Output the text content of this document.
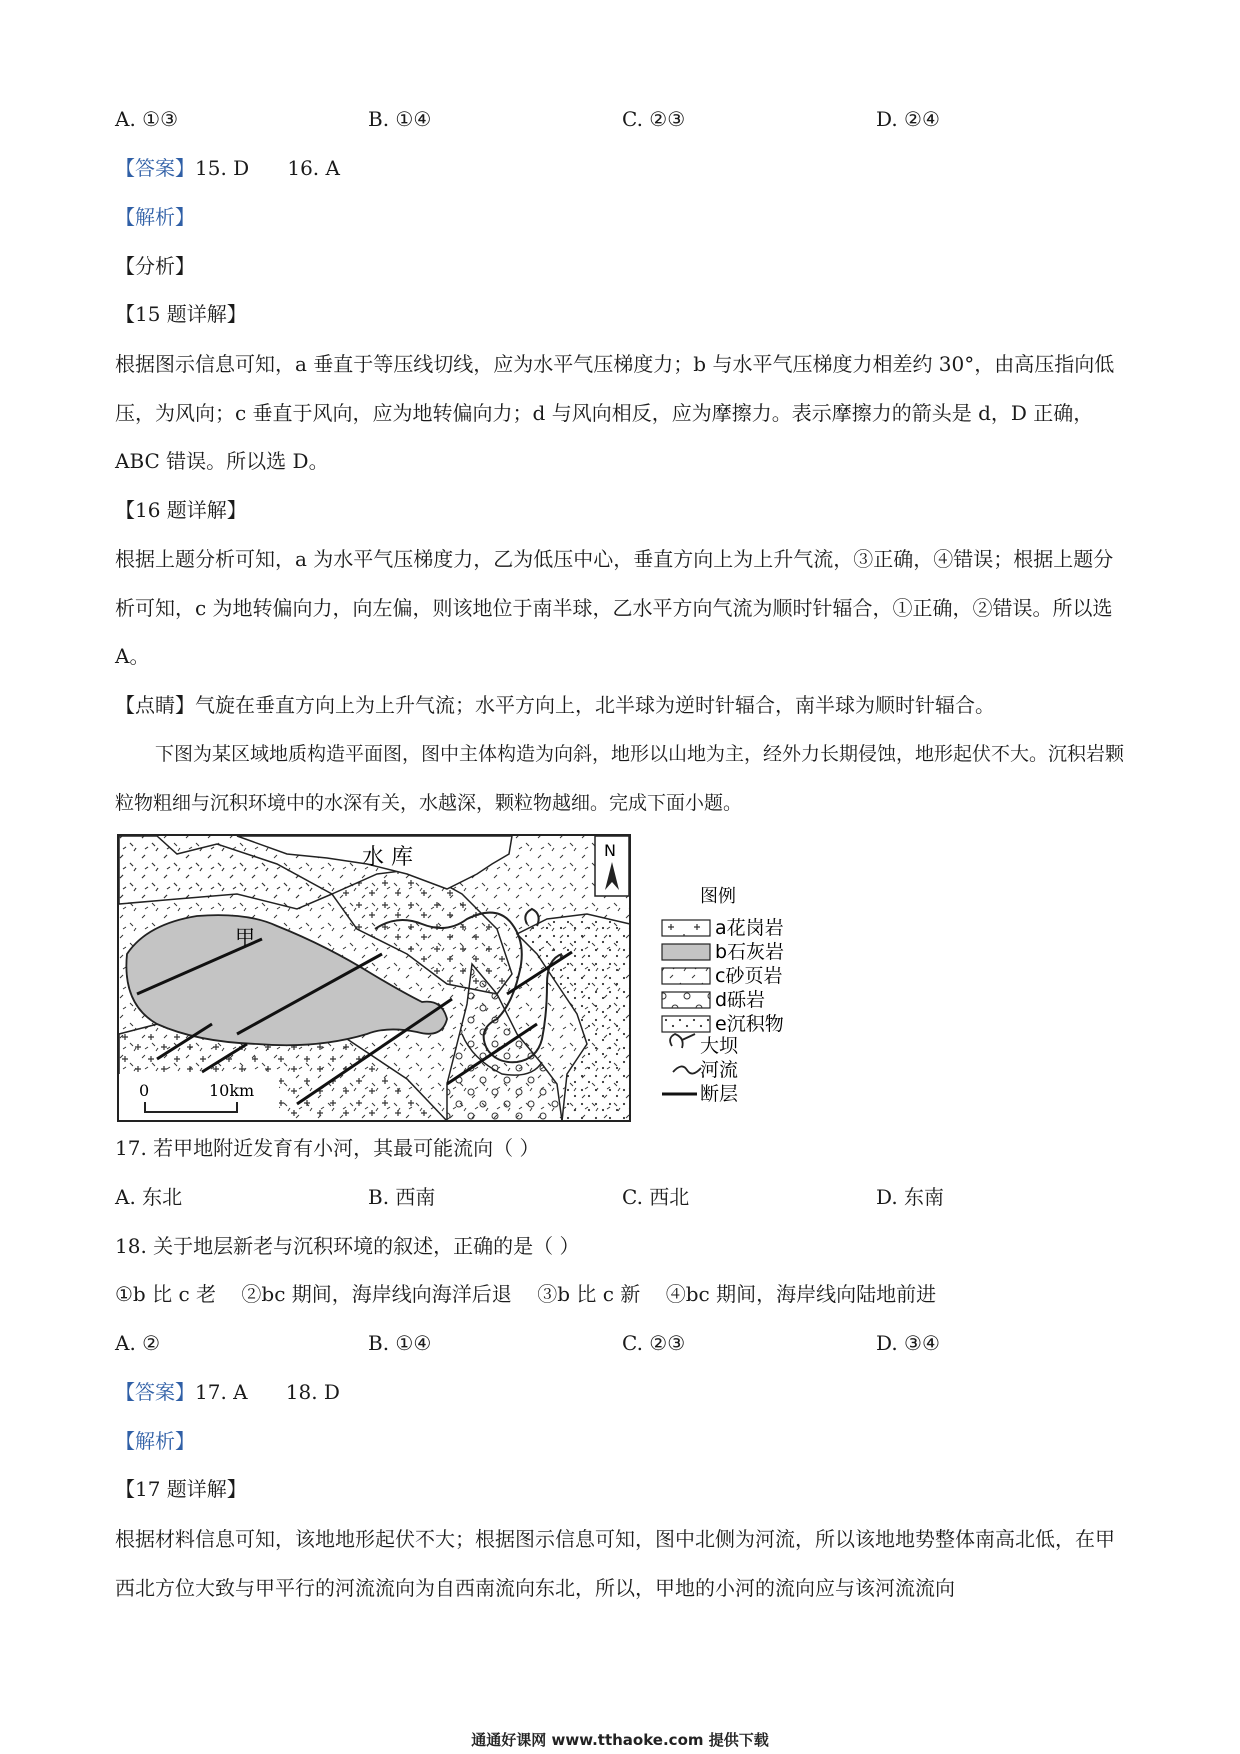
A. ①③	B. ①④	C. ②③	D. ②④
【答案】15. D      16. A
【解析】
【分析】
【15 题详解】
根据图示信息可知，a 垂直于等压线切线，应为水平气压梯度力；b 与水平气压梯度力相差约 30°，由高压指向低压，为风向；c 垂直于风向，应为地转偏向力；d 与风向相反，应为摩擦力。表示摩擦力的箭头是 d，D 正确，ABC 错误。所以选 D。
【16 题详解】
根据上题分析可知，a 为水平气压梯度力，乙为低压中心，垂直方向上为上升气流，③正确，④错误；根据上题分析可知，c 为地转偏向力，向左偏，则该地位于南半球，乙水平方向气流为顺时针辐合，①正确，②错误。所以选 A。
【点睛】气旋在垂直方向上为上升气流；水平方向上，北半球为逆时针辐合，南半球为顺时针辐合。
下图为某区域地质构造平面图，图中主体构造为向斜，地形以山地为主，经外力长期侵蚀，地形起伏不大。沉积岩颗粒物粗细与沉积环境中的水深有关，水越深，颗粒物越细。完成下面小题。
水 库
甲
N
0	10km
图例
a花岗岩
b石灰岩
c砂页岩
d砾岩
e沉积物
大坝
河流
断层
17. 若甲地附近发育有小河，其最可能流向（ ）
A. 东北	B. 西南	C. 西北	D. 东南
18. 关于地层新老与沉积环境的叙述，正确的是（ ）
①b 比 c 老    ②bc 期间，海岸线向海洋后退    ③b 比 c 新    ④bc 期间，海岸线向陆地前进
A. ②	B. ①④	C. ②③	D. ③④
【答案】17. A      18. D
【解析】
【17 题详解】
根据材料信息可知，该地地形起伏不大；根据图示信息可知，图中北侧为河流，所以该地地势整体南高北低，在甲西北方位大致与甲平行的河流流向为自西南流向东北，所以，甲地的小河的流向应与该河流流向
通通好课网 www.tthaoke.com 提供下载
